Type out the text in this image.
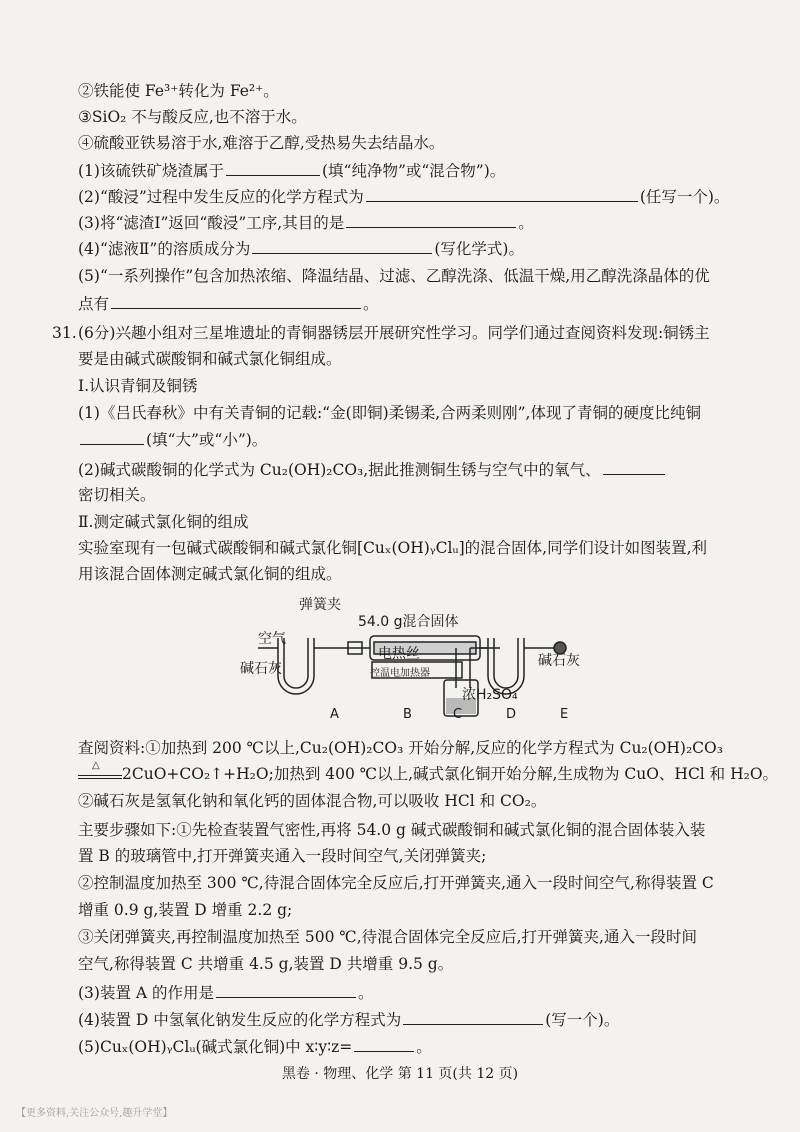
②铁能使 Fe³⁺转化为 Fe²⁺。
③SiO₂ 不与酸反应,也不溶于水。
④硫酸亚铁易溶于水,难溶于乙醇,受热易失去结晶水。
(1)该硫铁矿烧渣属于	(填“纯净物”或“混合物”)。
(2)“酸浸”过程中发生反应的化学方程式为	(任写一个)。
(3)将“滤渣Ⅰ”返回“酸浸”工序,其目的是	。
(4)“滤液Ⅱ”的溶质成分为	(写化学式)。
(5)“一系列操作”包含加热浓缩、降温结晶、过滤、乙醇洗涤、低温干燥,用乙醇洗涤晶体的优
点有	。
31. (6分)兴趣小组对三星堆遗址的青铜器锈层开展研究性学习。同学们通过查阅资料发现:铜锈主
要是由碱式碳酸铜和碱式氯化铜组成。
Ⅰ.认识青铜及铜锈
(1)《吕氏春秋》中有关青铜的记载:“金(即铜)柔锡柔,合两柔则刚”,体现了青铜的硬度比纯铜
(填“大”或“小”)。
(2)碱式碳酸铜的化学式为 Cu₂(OH)₂CO₃,据此推测铜生锈与空气中的氧气、
密切相关。
Ⅱ.测定碱式氯化铜的组成
实验室现有一包碱式碳酸铜和碱式氯化铜[Cuₓ(OH)ᵧClᵤ]的混合固体,同学们设计如图装置,利
用该混合固体测定碱式氯化铜的组成。
弹簧夹
54.0 g混合固体
空气
电热丝
控温电加热器
碱石灰	碱石灰
浓H₂SO₄
A	B	C	D	E
查阅资料:①加热到 200 ℃以上,Cu₂(OH)₂CO₃ 开始分解,反应的化学方程式为 Cu₂(OH)₂CO₃
△ 2CuO+CO₂↑+H₂O;加热到 400 ℃以上,碱式氯化铜开始分解,生成物为 CuO、HCl 和 H₂O。
②碱石灰是氢氧化钠和氧化钙的固体混合物,可以吸收 HCl 和 CO₂。
主要步骤如下:①先检查装置气密性,再将 54.0 g 碱式碳酸铜和碱式氯化铜的混合固体装入装
置 B 的玻璃管中,打开弹簧夹通入一段时间空气,关闭弹簧夹;
②控制温度加热至 300 ℃,待混合固体完全反应后,打开弹簧夹,通入一段时间空气,称得装置 C
增重 0.9 g,装置 D 增重 2.2 g;
③关闭弹簧夹,再控制温度加热至 500 ℃,待混合固体完全反应后,打开弹簧夹,通入一段时间
空气,称得装置 C 共增重 4.5 g,装置 D 共增重 9.5 g。
(3)装置 A 的作用是	。
(4)装置 D 中氢氧化钠发生反应的化学方程式为	(写一个)。
(5)Cuₓ(OH)ᵧClᵤ(碱式氯化铜)中 x∶y∶z=	。
黑卷 · 物理、化学 第 11 页(共 12 页)
【更多资料,关注公众号,趣升学堂】
